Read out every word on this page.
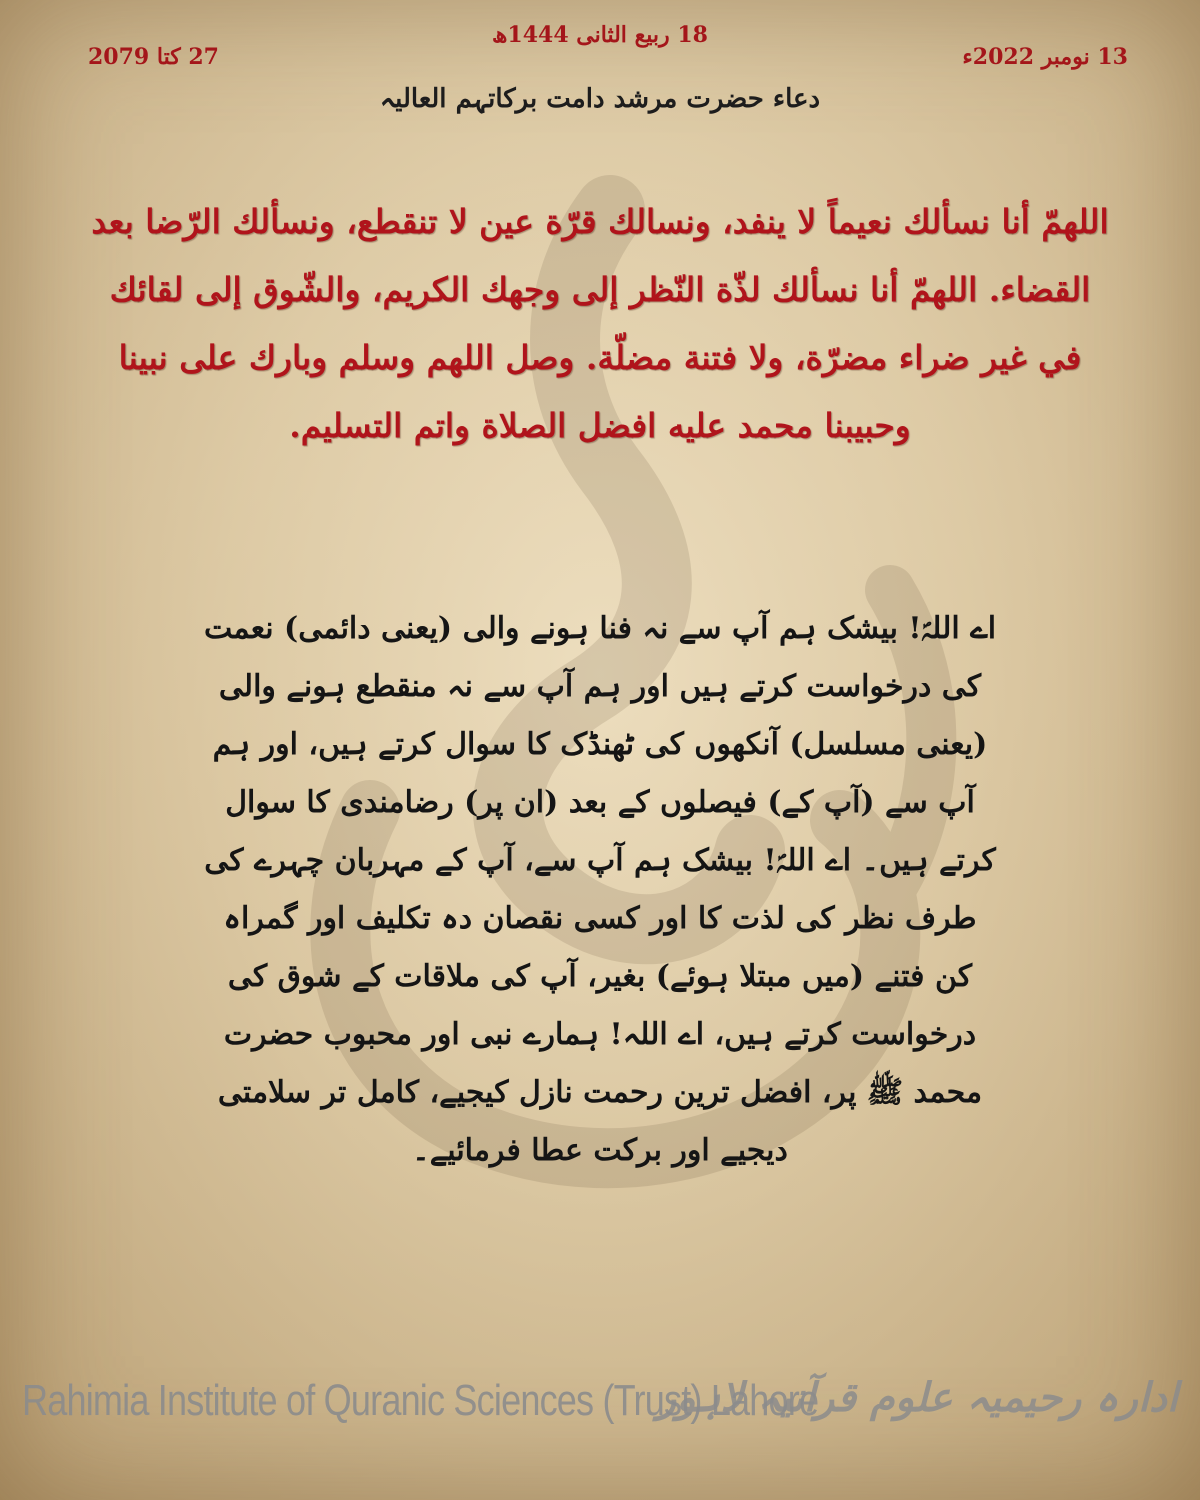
13 نومبر 2022ء
18 ربیع الثانی 1444ھ
27 کتا 2079
دعاء حضرت مرشد دامت برکاتہم العالیہ
اللهمّ أنا نسألك نعيماً لا ينفد، ونسالك قرّة عين لا تنقطع، ونسألك الرّضا بعد القضاء. اللهمّ أنا نسألك لذّة النّظر إلى وجهك الكريم، والشّوق إلى لقائك في غير ضراء مضرّة، ولا فتنة مضلّة. وصل اللهم وسلم وبارك على نبينا وحبيبنا محمد عليه افضل الصلاة واتم التسليم.
اے اللہؐ! بیشک ہم آپ سے نہ فنا ہونے والی (یعنی دائمی) نعمت کی درخواست کرتے ہیں اور ہم آپ سے نہ منقطع ہونے والی (یعنی مسلسل) آنکھوں کی ٹھنڈک کا سوال کرتے ہیں، اور ہم آپ سے (آپ کے) فیصلوں کے بعد (ان پر) رضامندی کا سوال کرتے ہیں۔ اے اللہؐ! بیشک ہم آپ سے، آپ کے مہربان چہرے کی طرف نظر کی لذت کا اور کسی نقصان دہ تکلیف اور گمراہ کن فتنے (میں مبتلا ہوئے) بغیر، آپ کی ملاقات کے شوق کی درخواست کرتے ہیں، اے اللہ! ہمارے نبی اور محبوب حضرت محمد ﷺ پر، افضل ترین رحمت نازل کیجیے، کامل تر سلامتی دیجیے اور برکت عطا فرمائیے۔
Rahimia Institute of Quranic Sciences (Trust) Lahore
ادارہ رحیمیہ علوم قرآنیہ لاہور
